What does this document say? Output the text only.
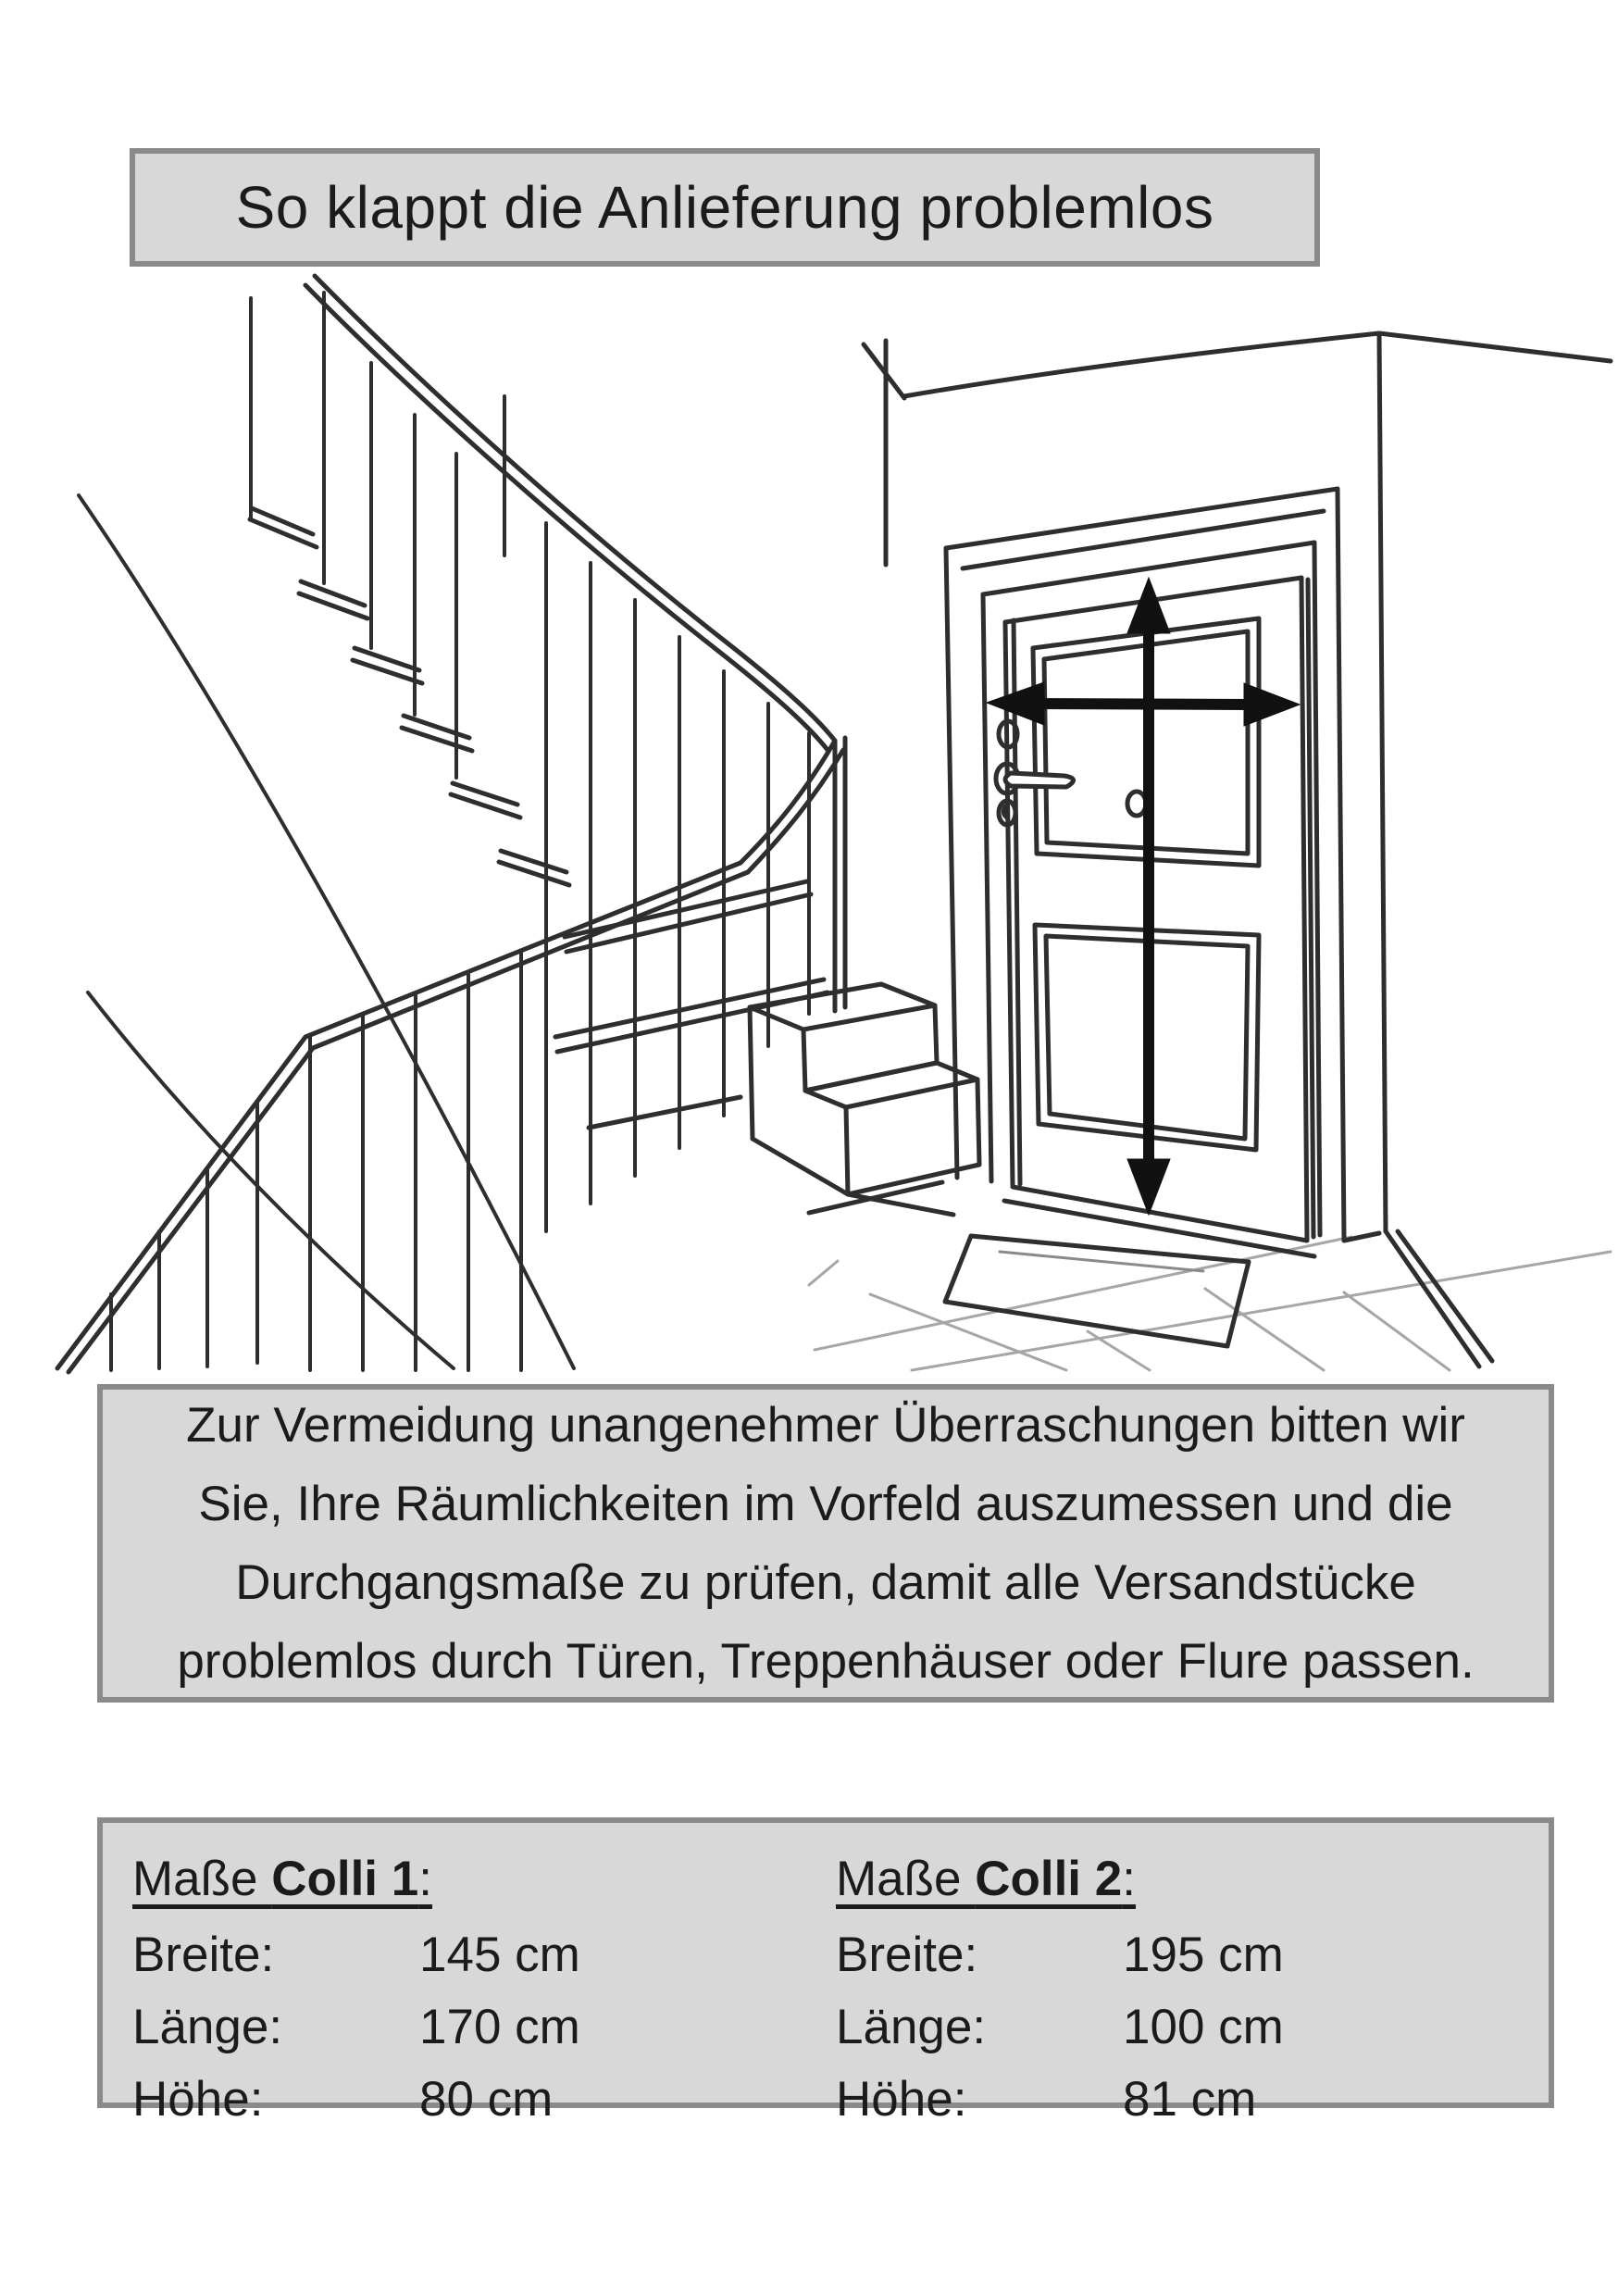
So klappt die Anlieferung problemlos
Zur Vermeidung unangenehmer Überraschungen bitten wir
Sie, Ihre Räumlichkeiten im Vorfeld auszumessen und die
Durchgangsmaße zu prüfen, damit alle Versandstücke
problemlos durch Türen, Treppenhäuser oder Flure passen.
Maße Colli 1:
Breite:	145 cm
Länge:	170 cm
Höhe:	80 cm
Maße Colli 2:
Breite:	195 cm
Länge:	100 cm
Höhe:	81 cm
